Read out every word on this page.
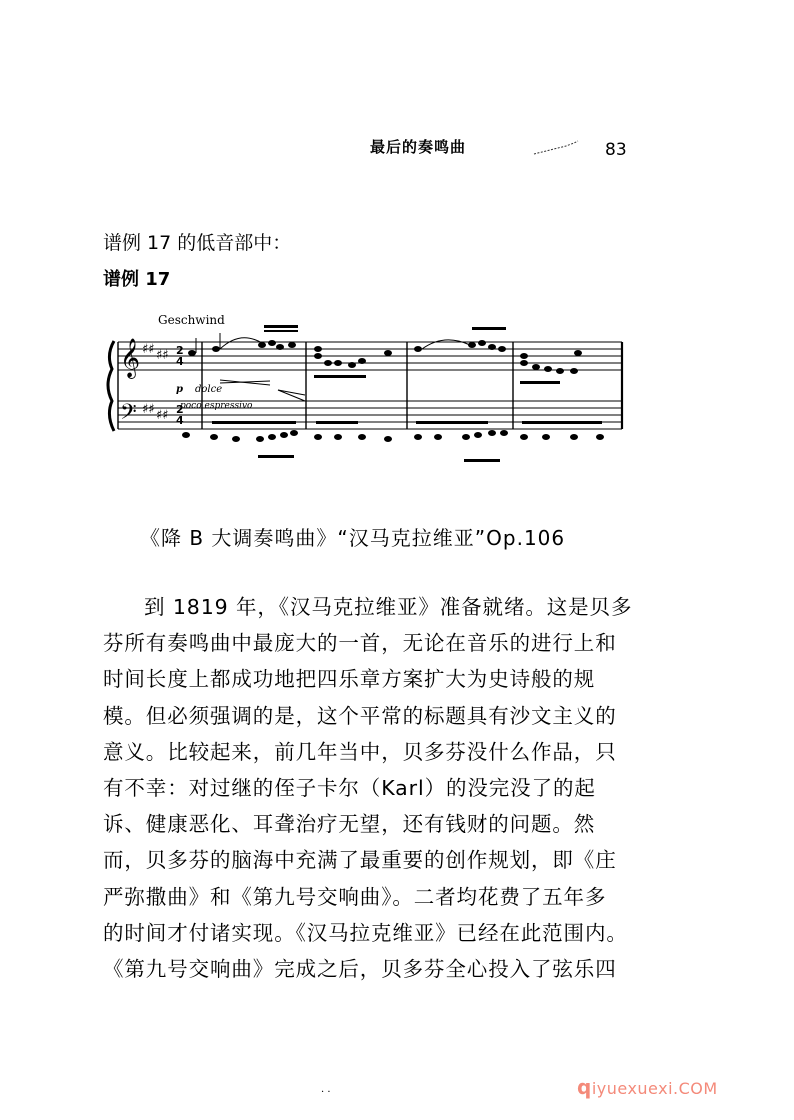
最后的奏鸣曲	83
谱例 17 的低音部中：
谱例 17
Geschwind
𝄞
𝄢
♯♯ ♯♯
♯♯ ♯♯
2
4
2
4
p dolce
poco espressivo
《降 B 大调奏鸣曲》“汉马克拉维亚”Op.106
到 1819 年，《汉马克拉维亚》准备就绪。这是贝多
芬所有奏鸣曲中最庞大的一首，无论在音乐的进行上和
时间长度上都成功地把四乐章方案扩大为史诗般的规
模。但必须强调的是，这个平常的标题具有沙文主义的
意义。比较起来，前几年当中，贝多芬没什么作品，只
有不幸：对过继的侄子卡尔（Karl）的没完没了的起
诉、健康恶化、耳聋治疗无望，还有钱财的问题。然
而，贝多芬的脑海中充满了最重要的创作规划，即《庄
严弥撒曲》和《第九号交响曲》。二者均花费了五年多
的时间才付诸实现。《汉马拉克维亚》已经在此范围内。
《第九号交响曲》完成之后，贝多芬全心投入了弦乐四
· ·	qiyuexuexi.COM
